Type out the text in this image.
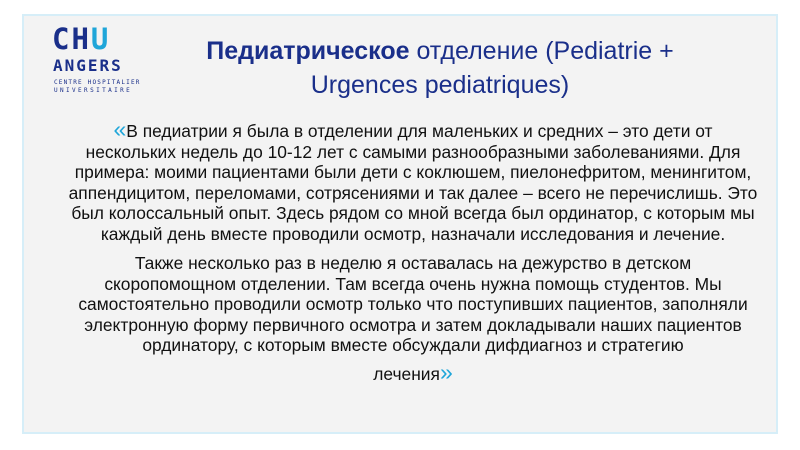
CHU
ANGERS
CENTRE HOSPITALIER
UNIVERSITAIRE
Педиатрическое отделение (Pediatrie +
Urgences pediatriques)

«В педиатрии я была в отделении для маленьких и средних – это дети от нескольких недель до 10-12 лет с самыми разнообразными заболеваниями. Для примера: моими пациентами были дети с коклюшем, пиелонефритом, менингитом, аппендицитом, переломами, сотрясениями и так далее – всего не перечислишь. Это был колоссальный опыт. Здесь рядом со мной всегда был ординатор, с которым мы каждый день вместе проводили осмотр, назначали исследования и лечение.

Также несколько раз в неделю я оставалась на дежурство в детском скоропомощном отделении. Там всегда очень нужна помощь студентов. Мы самостоятельно проводили осмотр только что поступивших пациентов, заполняли электронную форму первичного осмотра и затем докладывали наших пациентов ординатору, с которым вместе обсуждали дифдиагноз и стратегию
лечения»
